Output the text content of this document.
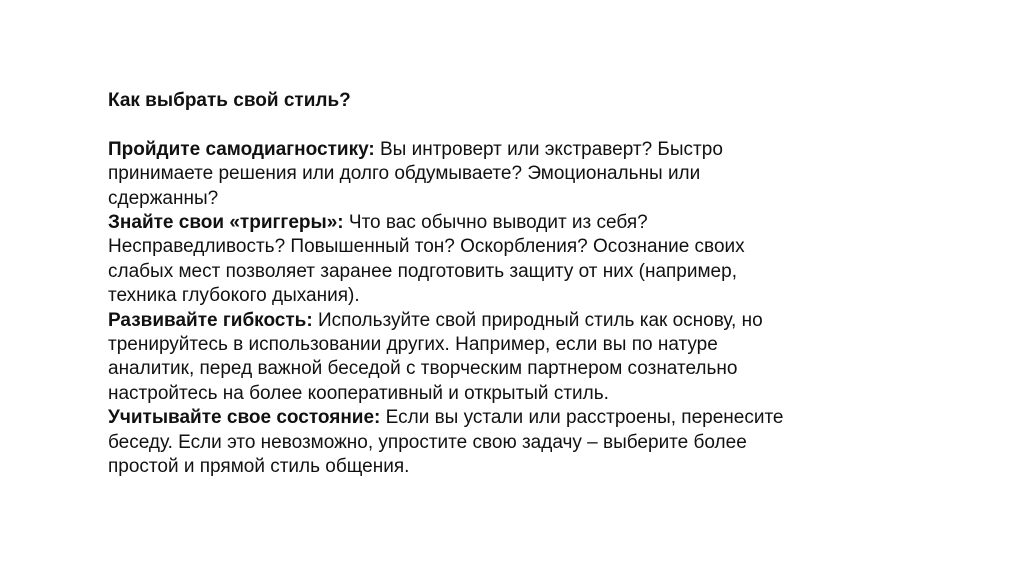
Как выбрать свой стиль?

Пройдите самодиагностику: Вы интроверт или экстраверт? Быстро принимаете решения или долго обдумываете? Эмоциональны или сдержанны?

Знайте свои «триггеры»: Что вас обычно выводит из себя? Несправедливость? Повышенный тон? Оскорбления? Осознание своих слабых мест позволяет заранее подготовить защиту от них (например, техника глубокого дыхания).

Развивайте гибкость: Используйте свой природный стиль как основу, но тренируйтесь в использовании других. Например, если вы по натуре аналитик, перед важной беседой с творческим партнером сознательно настройтесь на более кооперативный и открытый стиль.

Учитывайте свое состояние: Если вы устали или расстроены, перенесите беседу. Если это невозможно, упростите свою задачу – выберите более простой и прямой стиль общения.
